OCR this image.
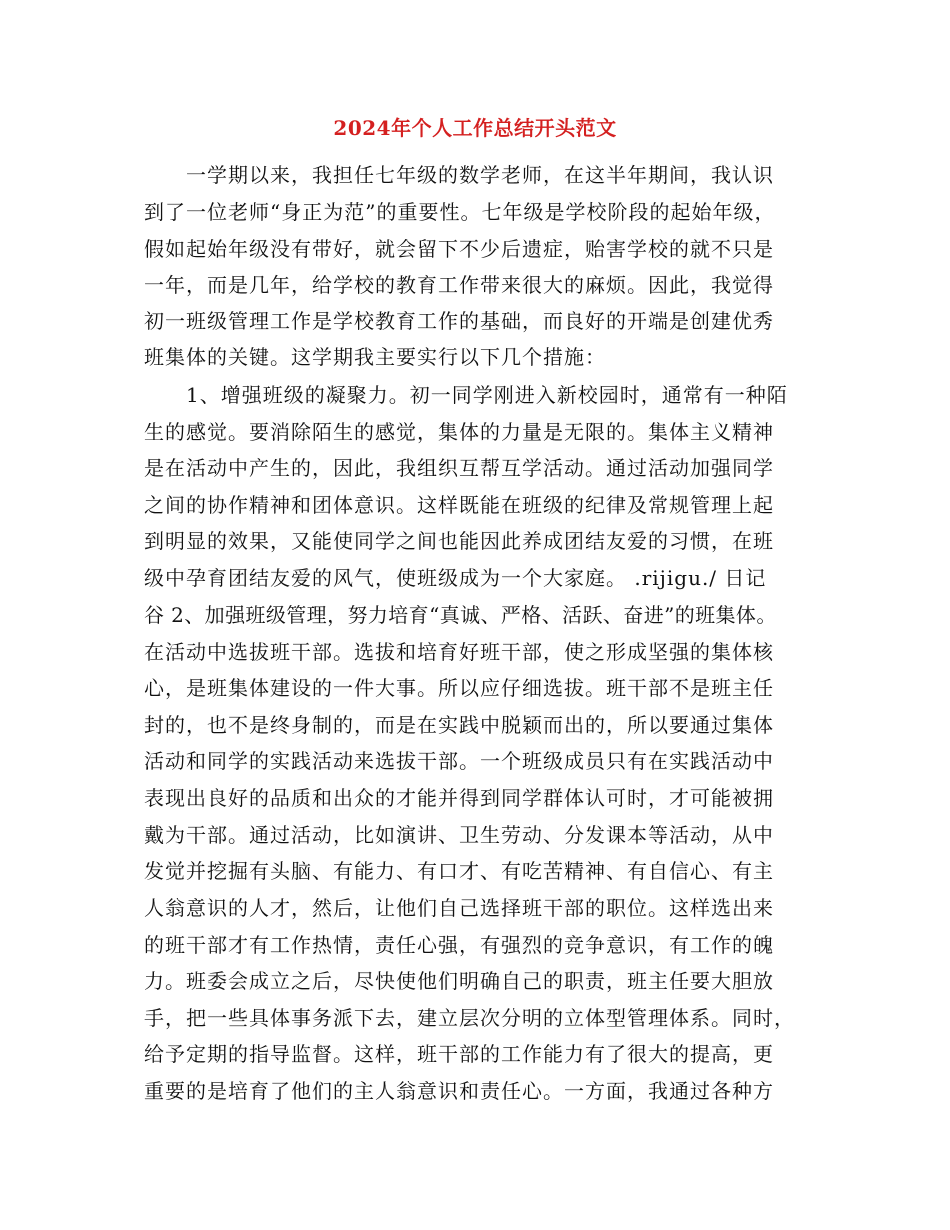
2024年个人工作总结开头范文
一学期以来，我担任七年级的数学老师，在这半年期间，我认识
到了一位老师“身正为范”的重要性。七年级是学校阶段的起始年级，
假如起始年级没有带好，就会留下不少后遗症，贻害学校的就不只是
一年，而是几年，给学校的教育工作带来很大的麻烦。因此，我觉得
初一班级管理工作是学校教育工作的基础，而良好的开端是创建优秀
班集体的关键。这学期我主要实行以下几个措施：
1、增强班级的凝聚力。初一同学刚进入新校园时，通常有一种陌
生的感觉。要消除陌生的感觉，集体的力量是无限的。集体主义精神
是在活动中产生的，因此，我组织互帮互学活动。通过活动加强同学
之间的协作精神和团体意识。这样既能在班级的纪律及常规管理上起
到明显的效果，又能使同学之间也能因此养成团结友爱的习惯，在班
级中孕育团结友爱的风气，使班级成为一个大家庭。 .rijigu./ 日记
谷 2、加强班级管理，努力培育“真诚、严格、活跃、奋进”的班集体。
在活动中选拔班干部。选拔和培育好班干部，使之形成坚强的集体核
心，是班集体建设的一件大事。所以应仔细选拔。班干部不是班主任
封的，也不是终身制的，而是在实践中脱颖而出的，所以要通过集体
活动和同学的实践活动来选拔干部。一个班级成员只有在实践活动中
表现出良好的品质和出众的才能并得到同学群体认可时，才可能被拥
戴为干部。通过活动，比如演讲、卫生劳动、分发课本等活动，从中
发觉并挖掘有头脑、有能力、有口才、有吃苦精神、有自信心、有主
人翁意识的人才，然后，让他们自己选择班干部的职位。这样选出来
的班干部才有工作热情，责任心强，有强烈的竞争意识，有工作的魄
力。班委会成立之后，尽快使他们明确自己的职责，班主任要大胆放
手，把一些具体事务派下去，建立层次分明的立体型管理体系。同时，
给予定期的指导监督。这样，班干部的工作能力有了很大的提高，更
重要的是培育了他们的主人翁意识和责任心。一方面，我通过各种方
